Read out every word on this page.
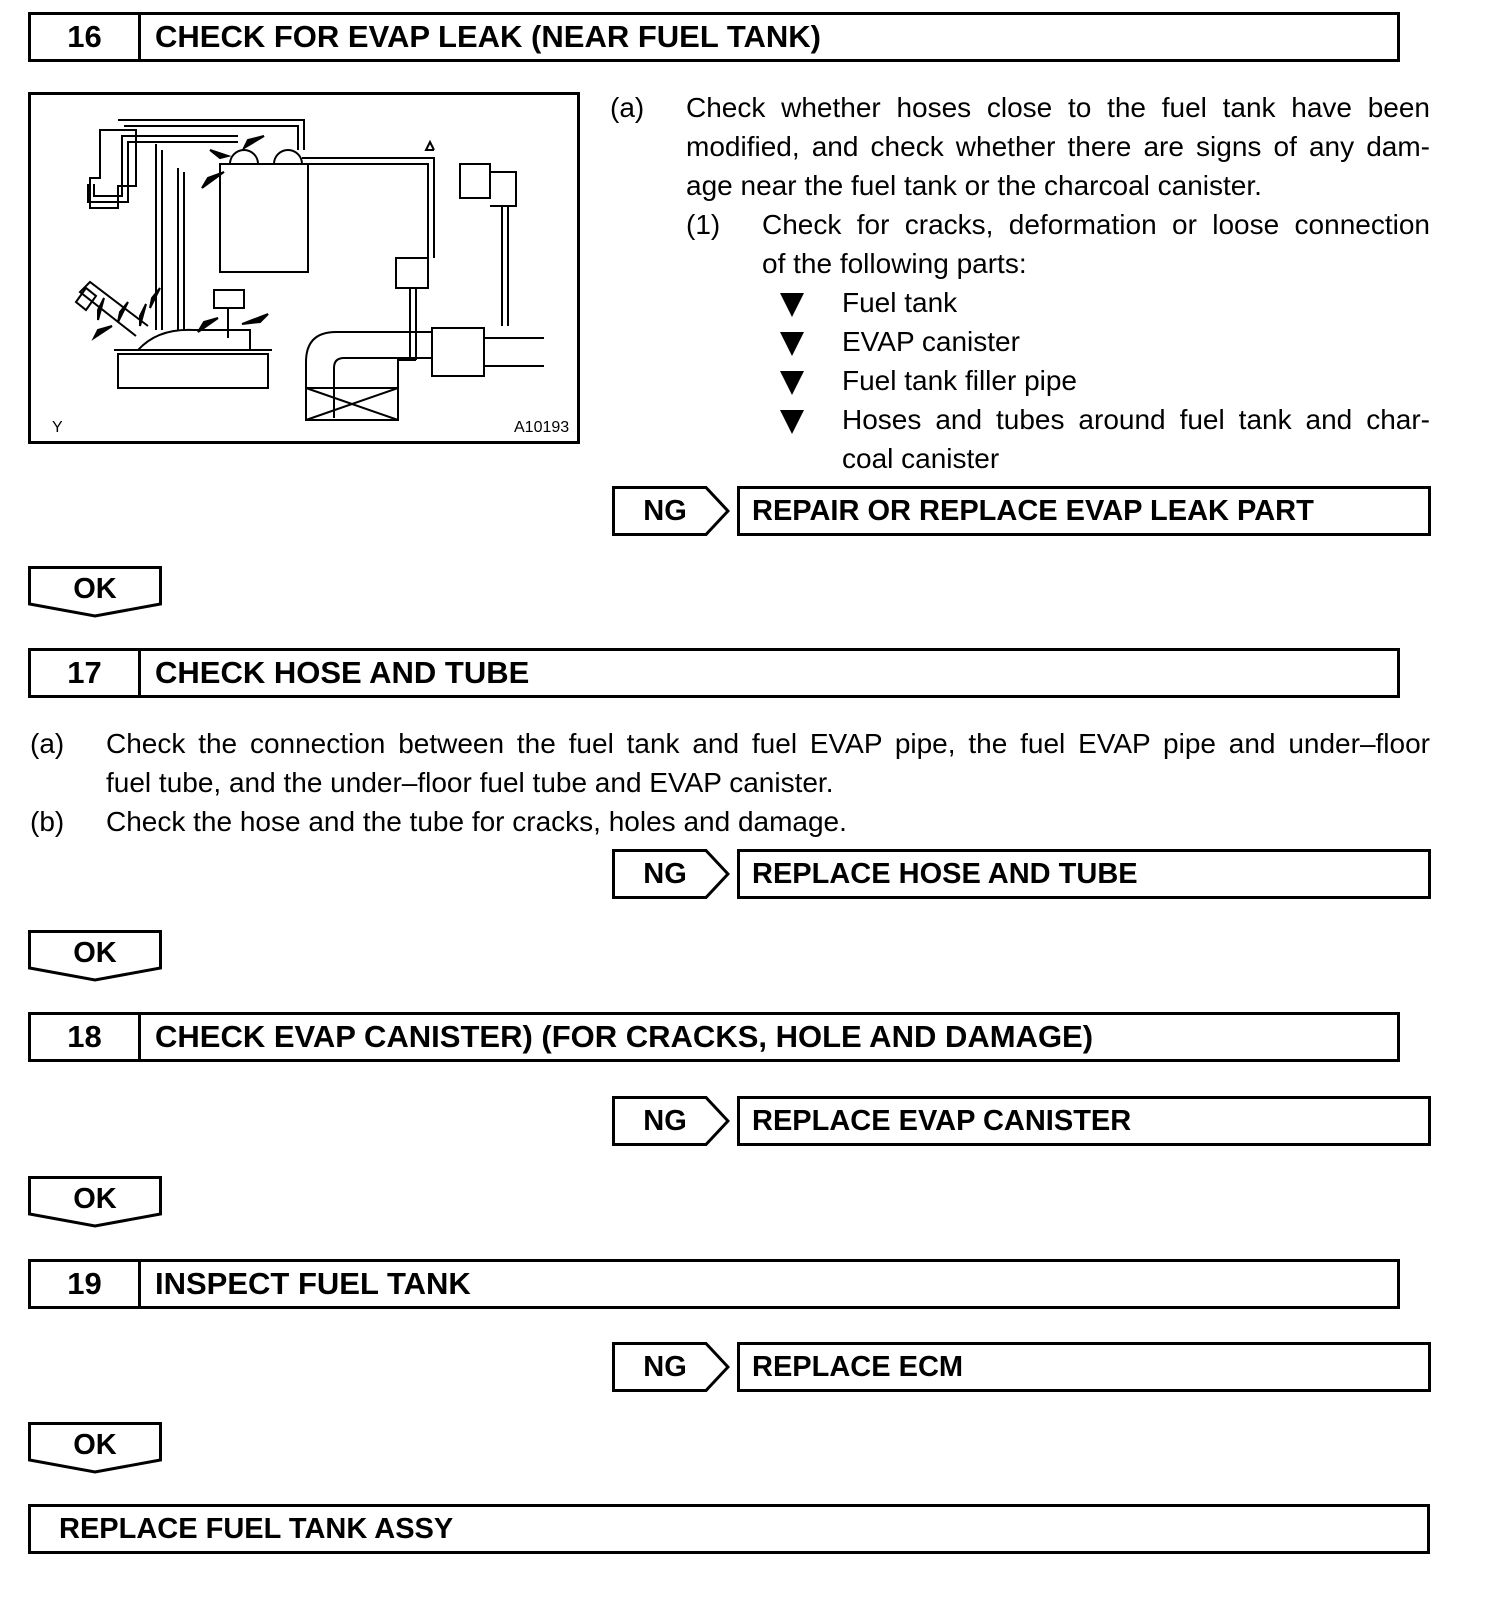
16	CHECK FOR EVAP LEAK (NEAR FUEL TANK)
Y	A10193
(a) Check whether hoses close to the fuel tank have been
modified, and check whether there are signs of any dam-
age near the fuel tank or the charcoal canister.
(1) Check for cracks, deformation or loose connection
of the following parts:
Fuel tank
EVAP canister
Fuel tank filler pipe
Hoses and tubes around fuel tank and char-
coal canister
NG	REPAIR OR REPLACE EVAP LEAK PART
OK
17	CHECK HOSE AND TUBE
(a) Check the connection between the fuel tank and fuel EVAP pipe, the fuel EVAP pipe and under–floor
fuel tube, and the under–floor fuel tube and EVAP canister.
(b) Check the hose and the tube for cracks, holes and damage.
NG	REPLACE HOSE AND TUBE
OK
18	CHECK EVAP CANISTER) (FOR CRACKS, HOLE AND DAMAGE)
NG	REPLACE EVAP CANISTER
OK
19	INSPECT FUEL TANK
NG	REPLACE ECM
OK
REPLACE FUEL TANK ASSY
